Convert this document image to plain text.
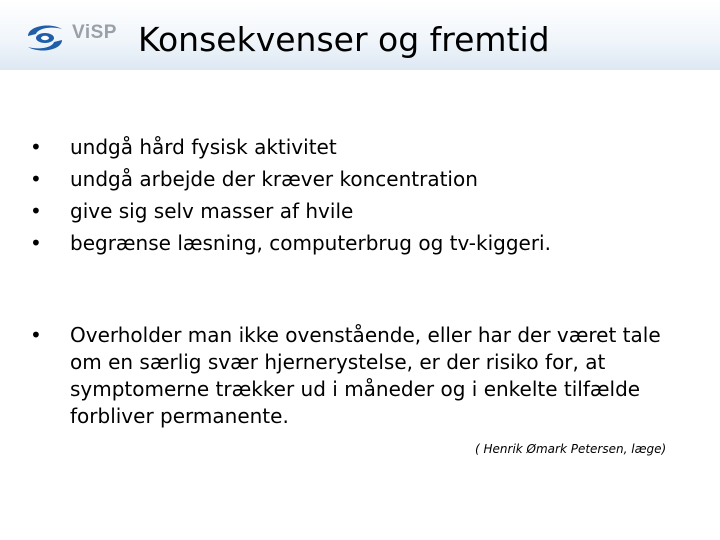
ViSP Konsekvenser og fremtid
• undgå hård fysisk aktivitet
• undgå arbejde der kræver koncentration
• give sig selv masser af hvile
• begrænse læsning, computerbrug og tv-kiggeri.
• Overholder man ikke ovenstående, eller har der været tale om en særlig svær hjernerystelse, er der risiko for, at symptomerne trækker ud i måneder og i enkelte tilfælde forbliver permanente.
( Henrik Ømark Petersen, læge)
